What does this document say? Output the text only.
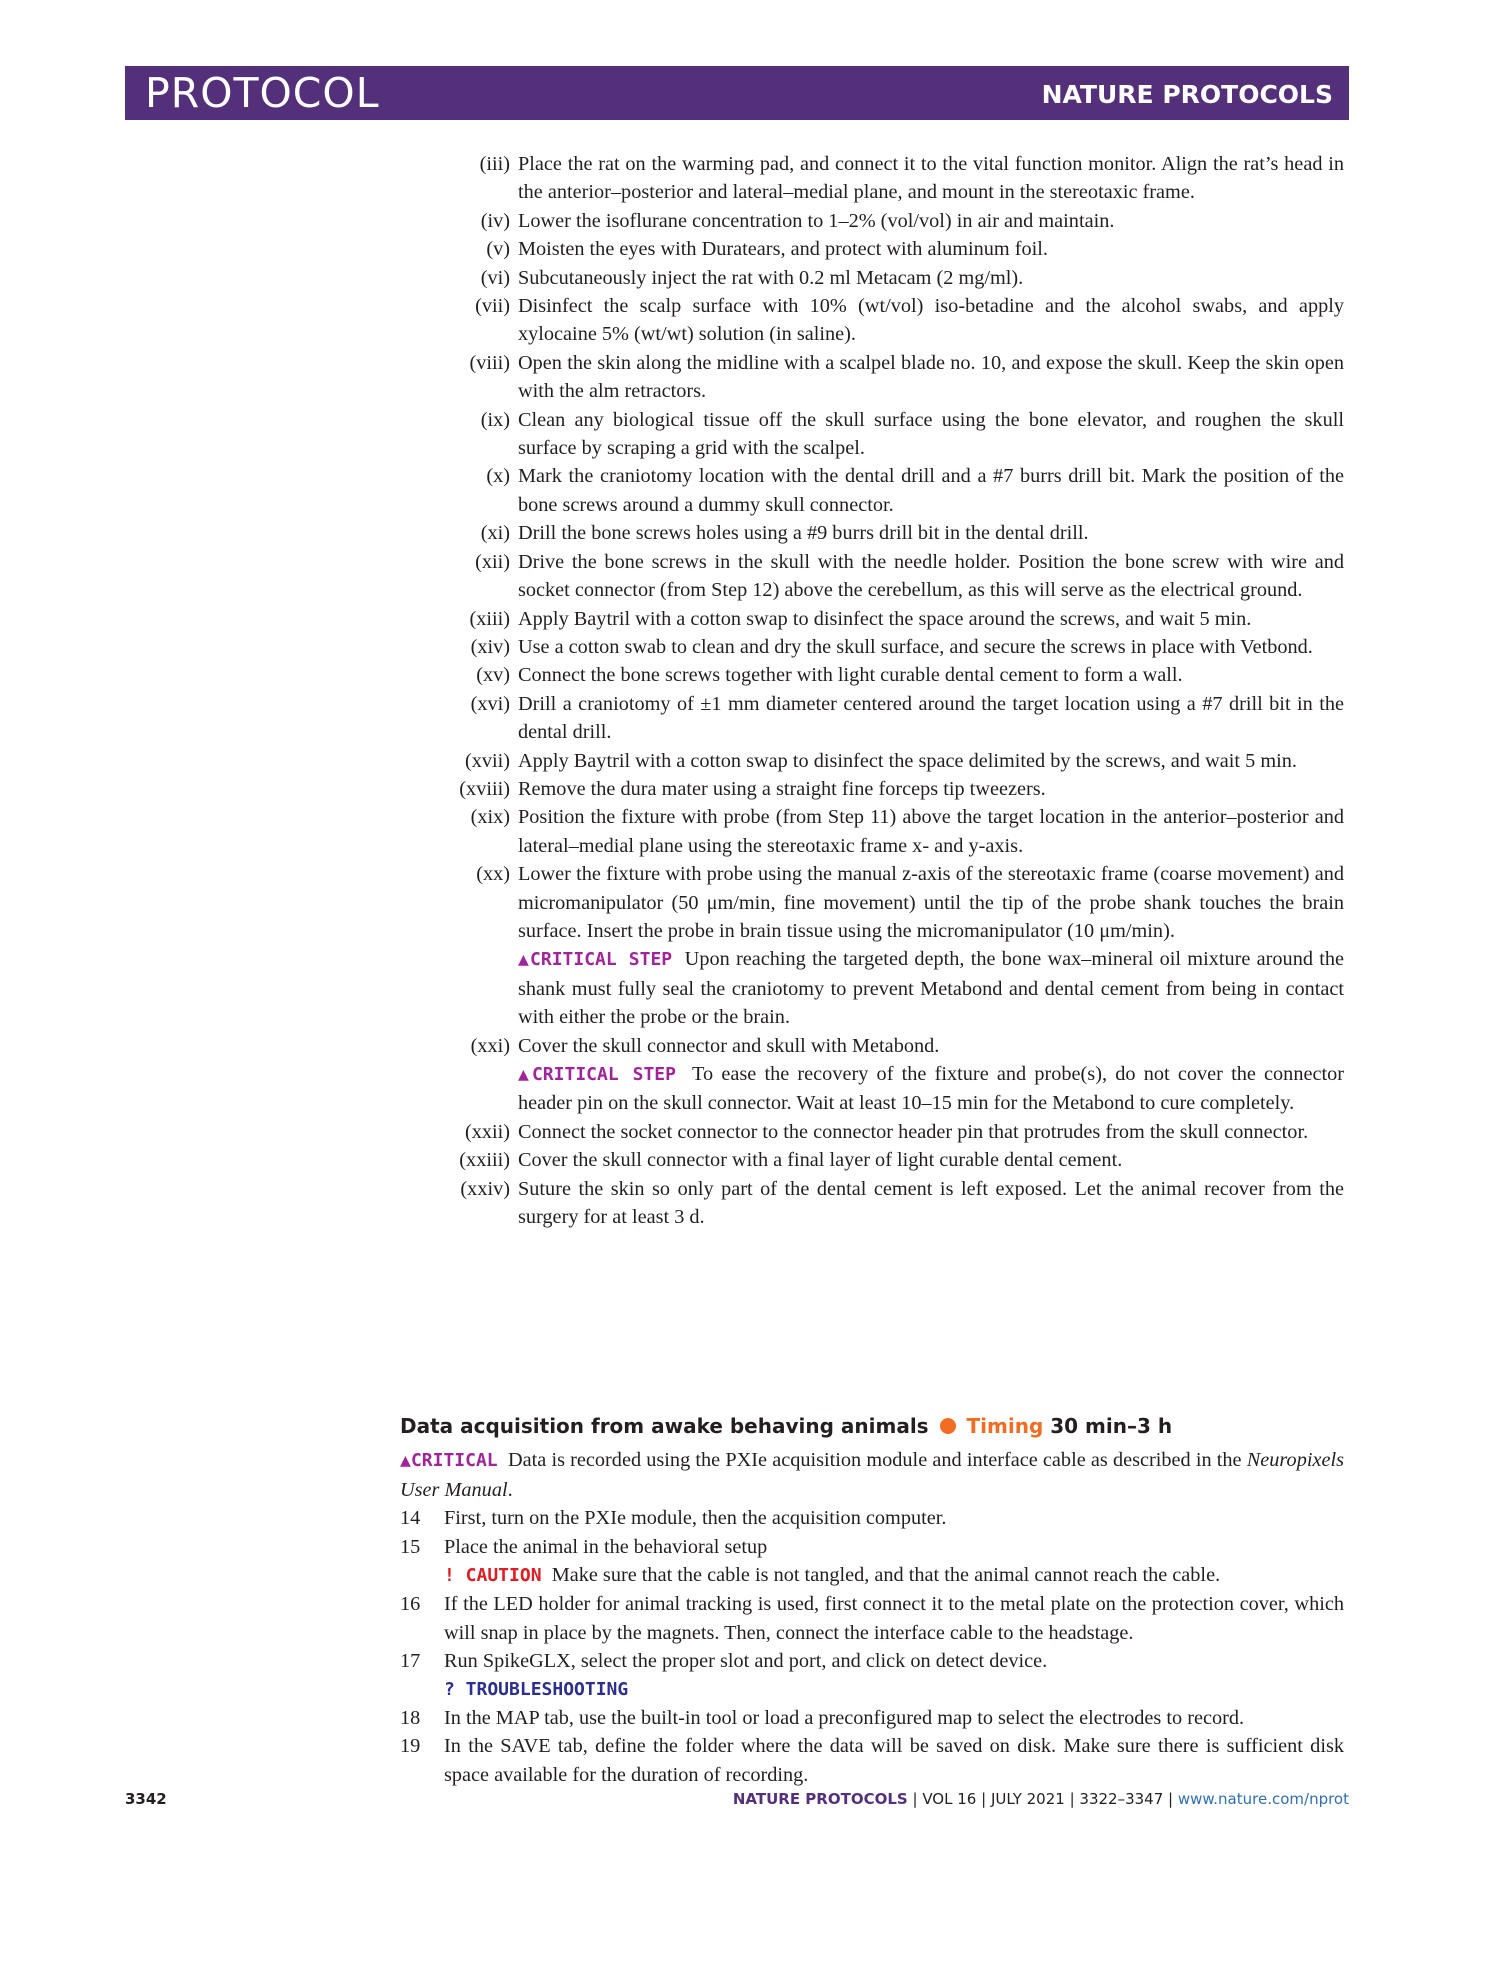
PROTOCOL	NATURE PROTOCOLS
(iii) Place the rat on the warming pad, and connect it to the vital function monitor. Align the rat’s head in the anterior–posterior and lateral–medial plane, and mount in the stereotaxic frame.
(iv) Lower the isoflurane concentration to 1–2% (vol/vol) in air and maintain.
(v) Moisten the eyes with Duratears, and protect with aluminum foil.
(vi) Subcutaneously inject the rat with 0.2 ml Metacam (2 mg/ml).
(vii) Disinfect the scalp surface with 10% (wt/vol) iso-betadine and the alcohol swabs, and apply xylocaine 5% (wt/wt) solution (in saline).
(viii) Open the skin along the midline with a scalpel blade no. 10, and expose the skull. Keep the skin open with the alm retractors.
(ix) Clean any biological tissue off the skull surface using the bone elevator, and roughen the skull surface by scraping a grid with the scalpel.
(x) Mark the craniotomy location with the dental drill and a #7 burrs drill bit. Mark the position of the bone screws around a dummy skull connector.
(xi) Drill the bone screws holes using a #9 burrs drill bit in the dental drill.
(xii) Drive the bone screws in the skull with the needle holder. Position the bone screw with wire and socket connector (from Step 12) above the cerebellum, as this will serve as the electrical ground.
(xiii) Apply Baytril with a cotton swap to disinfect the space around the screws, and wait 5 min.
(xiv) Use a cotton swab to clean and dry the skull surface, and secure the screws in place with Vetbond.
(xv) Connect the bone screws together with light curable dental cement to form a wall.
(xvi) Drill a craniotomy of ±1 mm diameter centered around the target location using a #7 drill bit in the dental drill.
(xvii) Apply Baytril with a cotton swap to disinfect the space delimited by the screws, and wait 5 min.
(xviii) Remove the dura mater using a straight fine forceps tip tweezers.
(xix) Position the fixture with probe (from Step 11) above the target location in the anterior–posterior and lateral–medial plane using the stereotaxic frame x- and y-axis.
(xx) Lower the fixture with probe using the manual z-axis of the stereotaxic frame (coarse movement) and micromanipulator (50 μm/min, fine movement) until the tip of the probe shank touches the brain surface. Insert the probe in brain tissue using the micromanipulator (10 μm/min).
▲CRITICAL STEP Upon reaching the targeted depth, the bone wax–mineral oil mixture around the shank must fully seal the craniotomy to prevent Metabond and dental cement from being in contact with either the probe or the brain.
(xxi) Cover the skull connector and skull with Metabond.
▲CRITICAL STEP To ease the recovery of the fixture and probe(s), do not cover the connector header pin on the skull connector. Wait at least 10–15 min for the Metabond to cure completely.
(xxii) Connect the socket connector to the connector header pin that protrudes from the skull connector.
(xxiii) Cover the skull connector with a final layer of light curable dental cement.
(xxiv) Suture the skin so only part of the dental cement is left exposed. Let the animal recover from the surgery for at least 3 d.
Data acquisition from awake behaving animals Timing 30 min–3 h
▲CRITICAL Data is recorded using the PXIe acquisition module and interface cable as described in the Neuropixels User Manual.
14 First, turn on the PXIe module, then the acquisition computer.
15 Place the animal in the behavioral setup
! CAUTION Make sure that the cable is not tangled, and that the animal cannot reach the cable.
16 If the LED holder for animal tracking is used, first connect it to the metal plate on the protection cover, which will snap in place by the magnets. Then, connect the interface cable to the headstage.
17 Run SpikeGLX, select the proper slot and port, and click on detect device.
? TROUBLESHOOTING
18 In the MAP tab, use the built-in tool or load a preconfigured map to select the electrodes to record.
19 In the SAVE tab, define the folder where the data will be saved on disk. Make sure there is sufficient disk space available for the duration of recording.
3342	NATURE PROTOCOLS | VOL 16 | JULY 2021 | 3322–3347 | www.nature.com/nprot
